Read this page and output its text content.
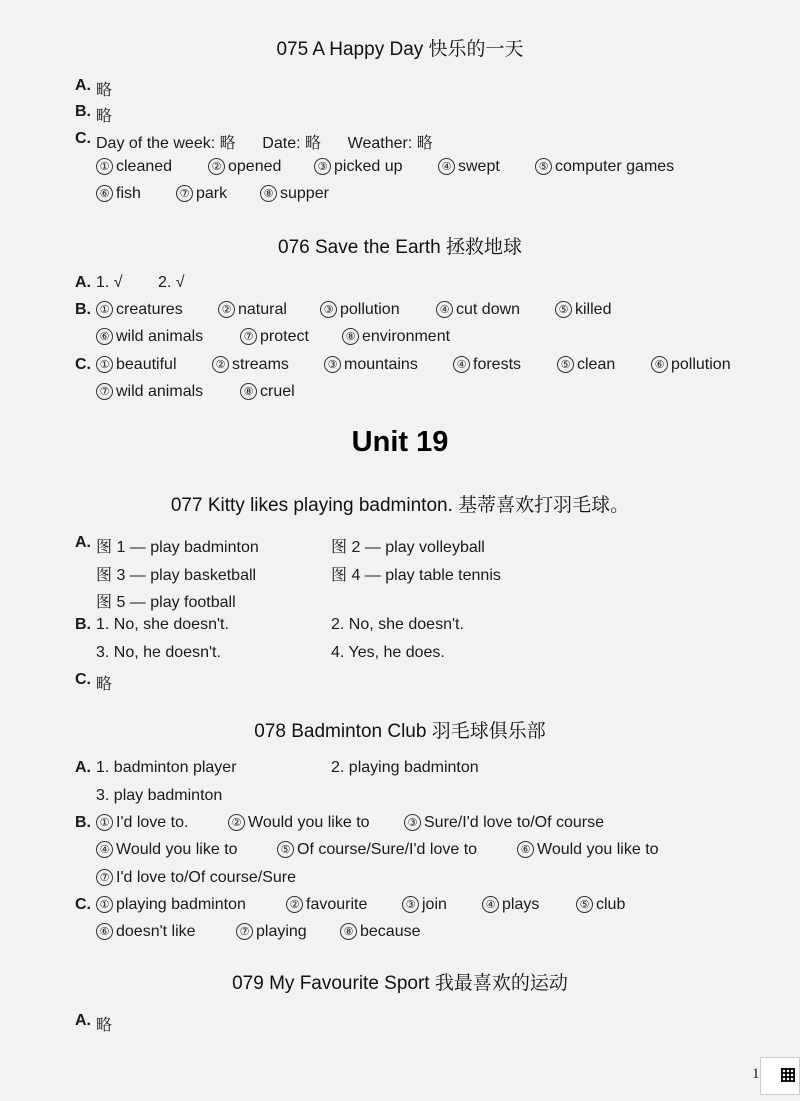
075 A Happy Day 快乐的一天
A. 略
B. 略
C. Day of the week: 略      Date: 略      Weather: 略
① cleaned	② opened	③ picked up	④ swept	⑤ computer games
⑥ fish	⑦ park	⑧ supper
076 Save the Earth 拯救地球
A. 1. √ 2. √
B. ① creatures	② natural	③ pollution	④ cut down	⑤ killed
⑥ wild animals	⑦ protect	⑧ environment
C. ① beautiful	② streams	③ mountains	④ forests	⑤ clean	⑥ pollution
⑦ wild animals	⑧ cruel
Unit 19
077 Kitty likes playing badminton. 基蒂喜欢打羽毛球。
A. 图 1 — play badminton	图 2 — play volleyball
图 3 — play basketball	图 4 — play table tennis
图 5 — play football
B. 1. No, she doesn't.	2. No, she doesn't.
3. No, he doesn't.	4. Yes, he does.
C. 略
078 Badminton Club 羽毛球俱乐部
A. 1. badminton player	2. playing badminton
3. play badminton
B. ① I'd love to.	② Would you like to	③ Sure/I'd love to/Of course
④ Would you like to	⑤ Of course/Sure/I'd love to	⑥ Would you like to
⑦ I'd love to/Of course/Sure
C. ① playing badminton	② favourite	③ join	④ plays	⑤ club
⑥ doesn't like	⑦ playing	⑧ because
079 My Favourite Sport 我最喜欢的运动
A. 略
1
